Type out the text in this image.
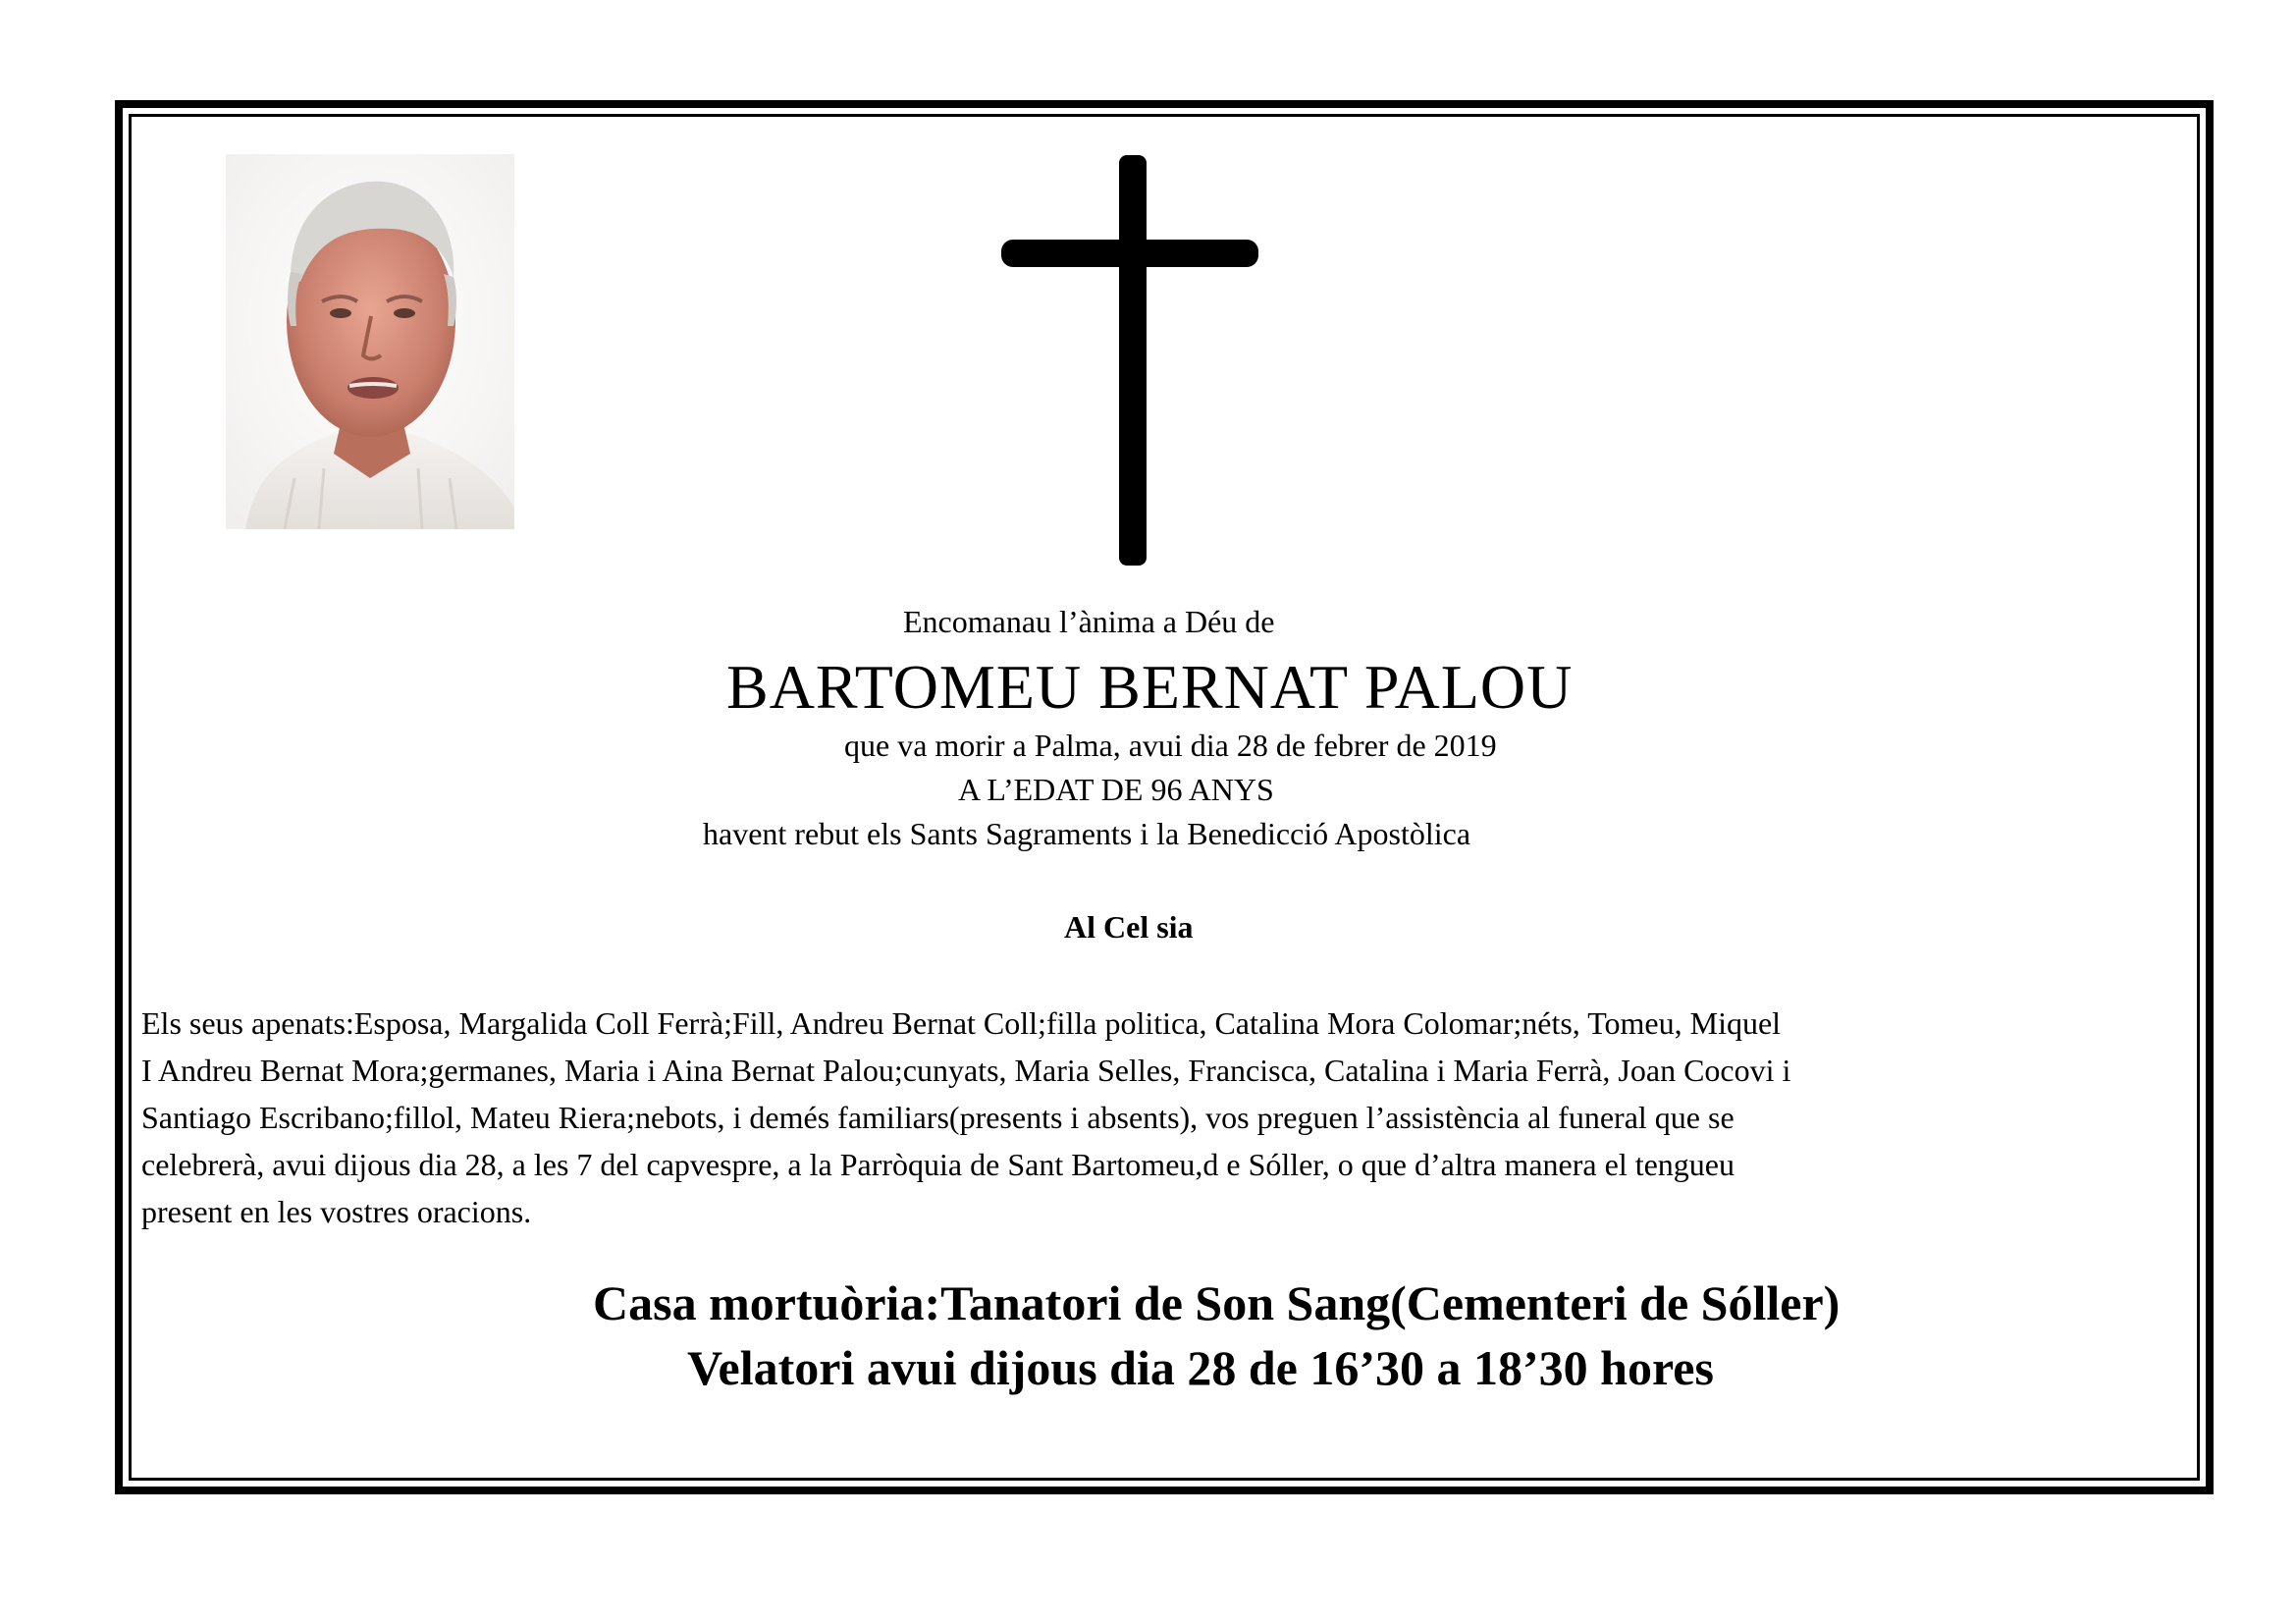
Encomanau l’ànima a Déu de

BARTOMEU BERNAT PALOU

que va morir a Palma, avui dia 28 de febrer de 2019

A L’EDAT DE 96 ANYS

havent rebut els Sants Sagraments i la Benedicció Apostòlica

Al Cel sia

Els seus apenats:Esposa, Margalida Coll Ferrà;Fill, Andreu Bernat Coll;filla politica, Catalina Mora Colomar;néts, Tomeu, Miquel
I Andreu Bernat Mora;germanes, Maria i Aina Bernat Palou;cunyats, Maria Selles, Francisca, Catalina i Maria Ferrà, Joan Cocovi i
Santiago Escribano;fillol, Mateu Riera;nebots, i demés familiars(presents i absents), vos preguen l’assistència al funeral que se
celebrerà, avui dijous dia 28, a les 7 del capvespre, a la Parròquia de Sant Bartomeu,d e Sóller, o que d’altra manera el tengueu
present en les vostres oracions.

Casa mortuòria:Tanatori de Son Sang(Cementeri de Sóller)

Velatori avui dijous dia 28 de 16’30 a 18’30 hores
